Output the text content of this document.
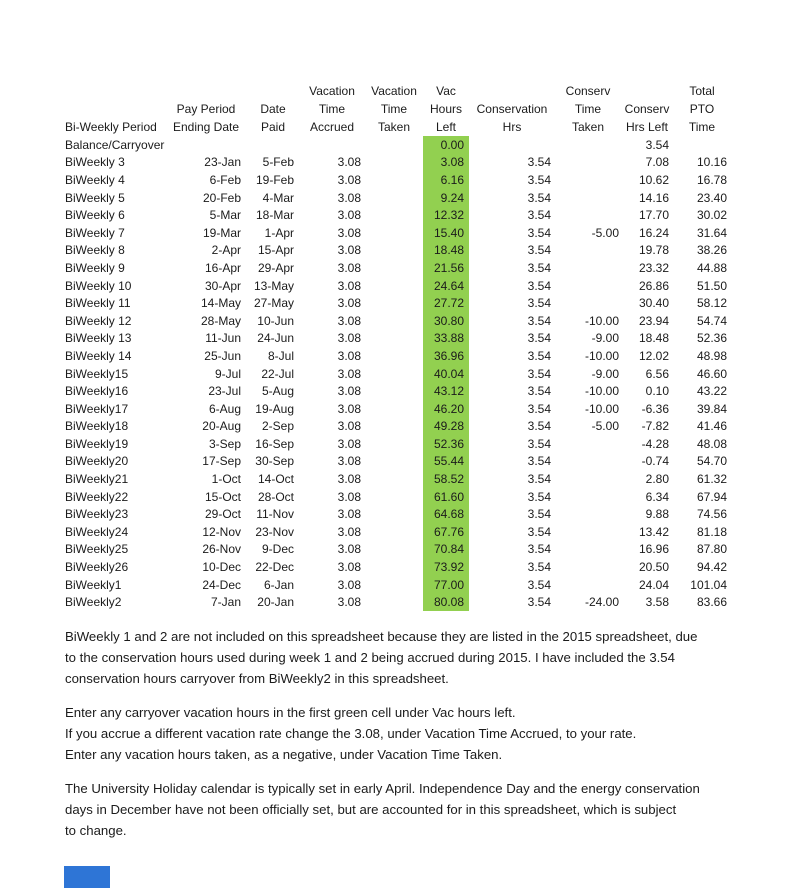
			Vacation	Vacation	Vac		Conserv		Total
	Pay Period	Date	Time	Time	Hours	Conservation	Time	Conserv	PTO
Bi-Weekly Period	Ending Date	Paid	Accrued	Taken	Left	Hrs	Taken	Hrs Left	Time
Balance/Carryover					0.00			3.54	
BiWeekly 3	23-Jan	5-Feb	3.08		3.08	3.54		7.08	10.16
BiWeekly 4	6-Feb	19-Feb	3.08		6.16	3.54		10.62	16.78
BiWeekly 5	20-Feb	4-Mar	3.08		9.24	3.54		14.16	23.40
BiWeekly 6	5-Mar	18-Mar	3.08		12.32	3.54		17.70	30.02
BiWeekly 7	19-Mar	1-Apr	3.08		15.40	3.54	-5.00	16.24	31.64
BiWeekly 8	2-Apr	15-Apr	3.08		18.48	3.54		19.78	38.26
BiWeekly 9	16-Apr	29-Apr	3.08		21.56	3.54		23.32	44.88
BiWeekly 10	30-Apr	13-May	3.08		24.64	3.54		26.86	51.50
BiWeekly 11	14-May	27-May	3.08		27.72	3.54		30.40	58.12
BiWeekly 12	28-May	10-Jun	3.08		30.80	3.54	-10.00	23.94	54.74
BiWeekly 13	11-Jun	24-Jun	3.08		33.88	3.54	-9.00	18.48	52.36
BiWeekly 14	25-Jun	8-Jul	3.08		36.96	3.54	-10.00	12.02	48.98
BiWeekly15	9-Jul	22-Jul	3.08		40.04	3.54	-9.00	6.56	46.60
BiWeekly16	23-Jul	5-Aug	3.08		43.12	3.54	-10.00	0.10	43.22
BiWeekly17	6-Aug	19-Aug	3.08		46.20	3.54	-10.00	-6.36	39.84
BiWeekly18	20-Aug	2-Sep	3.08		49.28	3.54	-5.00	-7.82	41.46
BiWeekly19	3-Sep	16-Sep	3.08		52.36	3.54		-4.28	48.08
BiWeekly20	17-Sep	30-Sep	3.08		55.44	3.54		-0.74	54.70
BiWeekly21	1-Oct	14-Oct	3.08		58.52	3.54		2.80	61.32
BiWeekly22	15-Oct	28-Oct	3.08		61.60	3.54		6.34	67.94
BiWeekly23	29-Oct	11-Nov	3.08		64.68	3.54		9.88	74.56
BiWeekly24	12-Nov	23-Nov	3.08		67.76	3.54		13.42	81.18
BiWeekly25	26-Nov	9-Dec	3.08		70.84	3.54		16.96	87.80
BiWeekly26	10-Dec	22-Dec	3.08		73.92	3.54		20.50	94.42
BiWeekly1	24-Dec	6-Jan	3.08		77.00	3.54		24.04	101.04
BiWeekly2	7-Jan	20-Jan	3.08		80.08	3.54	-24.00	3.58	83.66
BiWeekly 1 and 2 are not included on this spreadsheet because they are listed in the 2015 spreadsheet, due
to the conservation hours used during week 1 and 2 being accrued during 2015. I have included the 3.54
conservation hours carryover from BiWeekly2 in this spreadsheet.
Enter any carryover vacation hours in the first green cell under Vac hours left.
If you accrue a different vacation rate change the 3.08, under Vacation Time Accrued, to your rate.
Enter any vacation hours taken, as a negative, under Vacation Time Taken.
The University Holiday calendar is typically set in early April. Independence Day and the energy conservation
days in December have not been officially set, but are accounted for in this spreadsheet, which is subject
to change.
